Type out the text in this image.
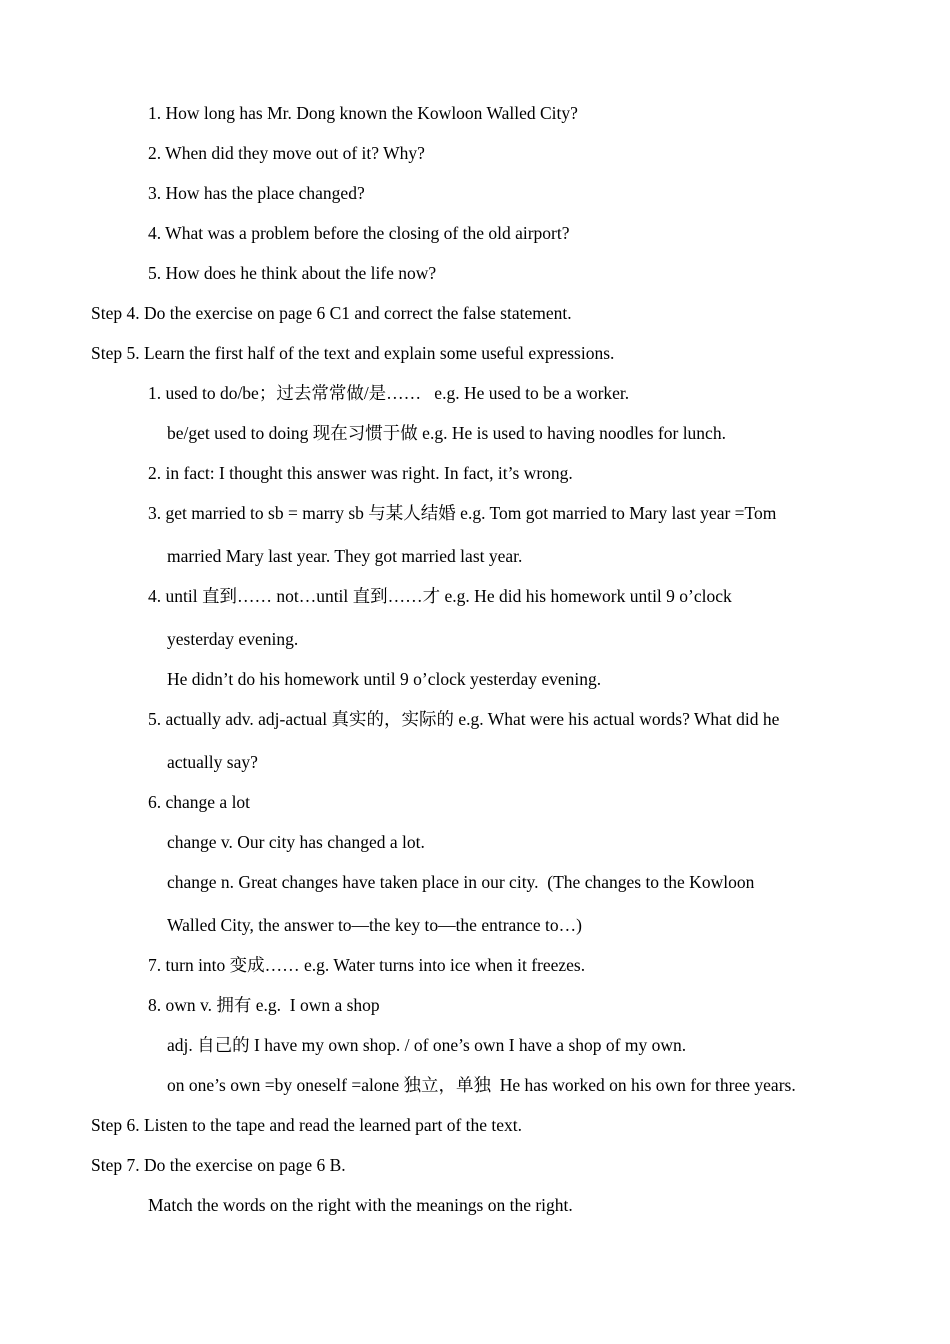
1. How long has Mr. Dong known the Kowloon Walled City?
2. When did they move out of it? Why?
3. How has the place changed?
4. What was a problem before the closing of the old airport?
5. How does he think about the life now?
Step 4. Do the exercise on page 6 C1 and correct the false statement.
Step 5. Learn the first half of the text and explain some useful expressions.
1. used to do/be；过去常常做/是……   e.g. He used to be a worker.
be/get used to doing 现在习惯于做 e.g. He is used to having noodles for lunch.
2. in fact: I thought this answer was right. In fact, it’s wrong.
3. get married to sb = marry sb 与某人结婚 e.g. Tom got married to Mary last year =Tom
married Mary last year. They got married last year.
4. until 直到…… not…until 直到……才 e.g. He did his homework until 9 o’clock
yesterday evening.
He didn’t do his homework until 9 o’clock yesterday evening.
5. actually adv. adj-actual 真实的，实际的 e.g. What were his actual words? What did he
actually say?
6. change a lot
change v. Our city has changed a lot.
change n. Great changes have taken place in our city.  (The changes to the Kowloon
Walled City, the answer to—the key to—the entrance to…)
7. turn into 变成…… e.g. Water turns into ice when it freezes.
8. own v. 拥有 e.g.  I own a shop
adj. 自己的 I have my own shop. / of one’s own I have a shop of my own.
on one’s own =by oneself =alone 独立，单独  He has worked on his own for three years.
Step 6. Listen to the tape and read the learned part of the text.
Step 7. Do the exercise on page 6 B.
Match the words on the right with the meanings on the right.
